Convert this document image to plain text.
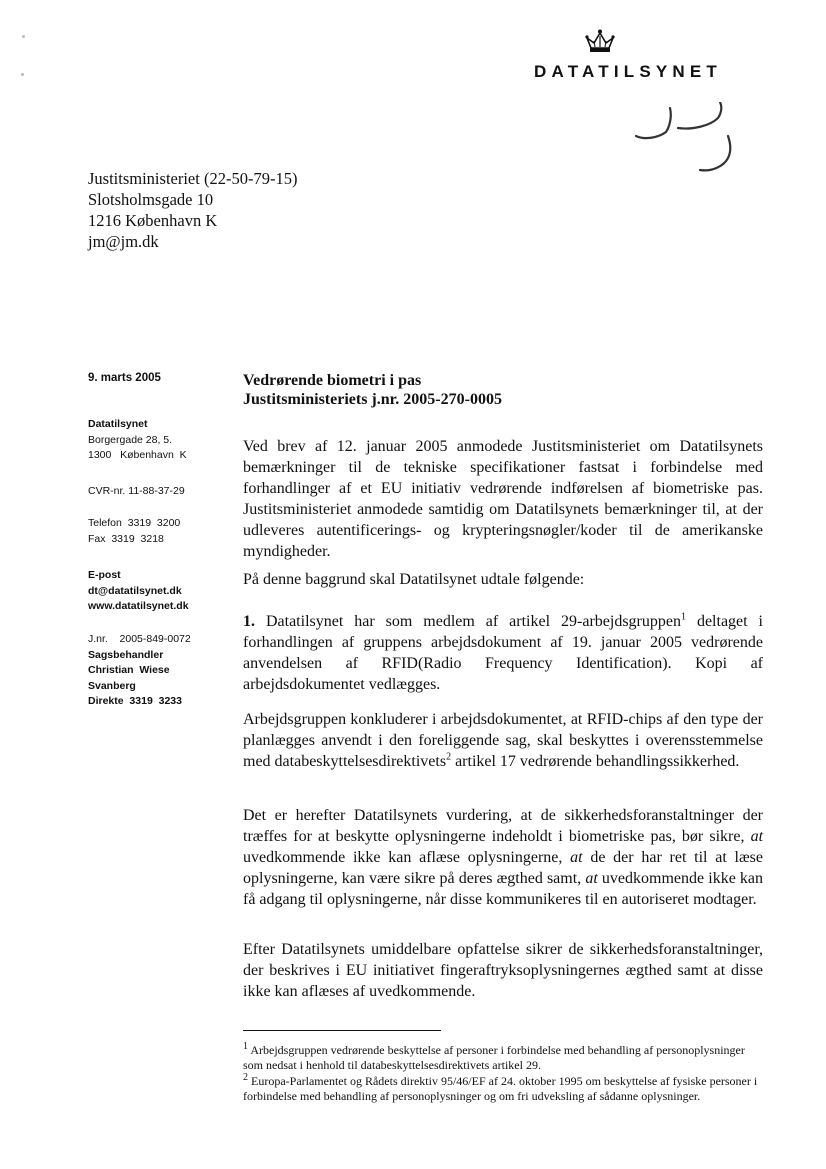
DATATILSYNET
Justitsministeriet (22-50-79-15)
Slotsholmsgade 10
1216 København K
jm@jm.dk
9. marts 2005
Datatilsynet
Borgergade 28, 5.
1300   København  K
CVR-nr. 11-88-37-29
Telefon  3319  3200
Fax  3319  3218
E-post
dt@datatilsynet.dk
www.datatilsynet.dk
J.nr.    2005-849-0072
Sagsbehandler
Christian  Wiese
Svanberg
Direkte  3319  3233
Vedrørende biometri i pas
Justitsministeriets j.nr. 2005-270-0005

Ved brev af 12. januar 2005 anmodede Justitsministeriet om Datatilsynets bemærkninger til de tekniske specifikationer fastsat i forbindelse med forhandlinger af et EU initiativ vedrørende indførelsen af biometriske pas. Justitsministeriet anmodede samtidig om Datatilsynets bemærkninger til, at der udleveres autentificerings- og krypteringsnøgler/koder til de amerikanske myndigheder.

På denne baggrund skal Datatilsynet udtale følgende:

1. Datatilsynet har som medlem af artikel 29-arbejdsgruppen$^1$ deltaget i forhandlingen af gruppens arbejdsdokument af 19. januar 2005 vedrørende anvendelsen af RFID(Radio Frequency Identification). Kopi af arbejdsdokumentet vedlægges.

Arbejdsgruppen konkluderer i arbejdsdokumentet, at RFID-chips af den type der planlægges anvendt i den foreliggende sag, skal beskyttes i overensstemmelse med databeskyttelsesdirektivets$^2$ artikel 17 vedrørende behandlingssikkerhed.

Det er herefter Datatilsynets vurdering, at de sikkerhedsforanstaltninger der træffes for at beskytte oplysningerne indeholdt i biometriske pas, bør sikre, at uvedkommende ikke kan aflæse oplysningerne, at de der har ret til at læse oplysningerne, kan være sikre på deres ægthed samt, at uvedkommende ikke kan få adgang til oplysningerne, når disse kommunikeres til en autoriseret modtager.

Efter Datatilsynets umiddelbare opfattelse sikrer de sikkerhedsforanstaltninger, der beskrives i EU initiativet fingeraftryksoplysningernes ægthed samt at disse ikke kan aflæses af uvedkommende.

$^1$ Arbejdsgruppen vedrørende beskyttelse af personer i forbindelse med behandling af personoplysninger som nedsat i henhold til databeskyttelsesdirektivets artikel 29.
$^2$ Europa-Parlamentet og Rådets direktiv 95/46/EF af 24. oktober 1995 om beskyttelse af fysiske personer i forbindelse med behandling af personoplysninger og om fri udveksling af sådanne oplysninger.
